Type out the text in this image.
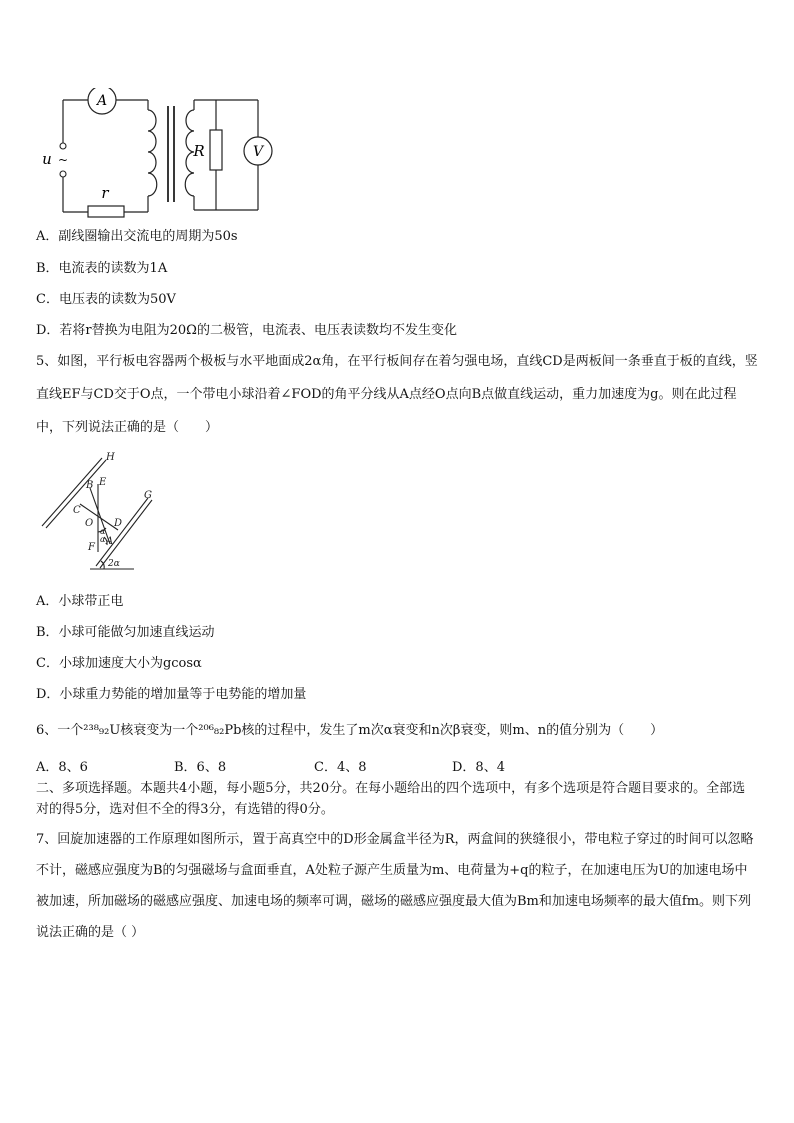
A
R	V
r
u ~
A．副线圈输出交流电的周期为50s
B．电流表的读数为1A
C．电压表的读数为50V
D．若将r替换为电阻为20Ω的二极管，电流表、电压表读数均不发生变化
5、如图，平行板电容器两个极板与水平地面成2α角，在平行板间存在着匀强电场，直线CD是两板间一条垂直于板的直线，竖直线EF与CD交于O点，一个带电小球沿着∠FOD的角平分线从A点经O点向B点做直线运动，重力加速度为g。则在此过程中，下列说法正确的是（　　）
H
B E
G
C
O D
A
F
2α
α
α
A．小球带正电
B．小球可能做匀加速直线运动
C．小球加速度大小为gcosα
D．小球重力势能的增加量等于电势能的增加量
6、一个²³⁸₉₂U核衰变为一个²⁰⁶₈₂Pb核的过程中，发生了m次α衰变和n次β衰变，则m、n的值分别为（　　）
A．8、6	B．6、8	C．4、8	D．8、4
二、多项选择题。本题共4小题，每小题5分，共20分。在每小题给出的四个选项中，有多个选项是符合题目要求的。全部选对的得5分，选对但不全的得3分，有选错的得0分。
7、回旋加速器的工作原理如图所示，置于高真空中的D形金属盒半径为R，两盒间的狭缝很小，带电粒子穿过的时间可以忽略不计，磁感应强度为B的匀强磁场与盒面垂直，A处粒子源产生质量为m、电荷量为+q的粒子，在加速电压为U的加速电场中被加速，所加磁场的磁感应强度、加速电场的频率可调，磁场的磁感应强度最大值为Bm和加速电场频率的最大值fm。则下列说法正确的是（ ）
